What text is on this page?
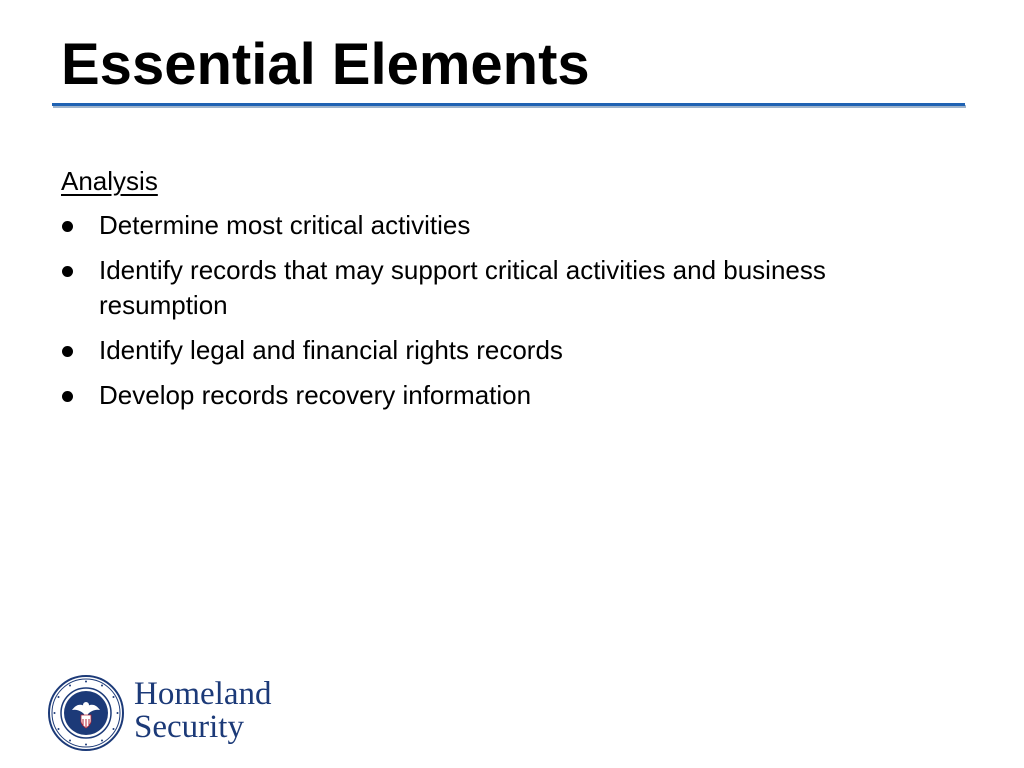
Essential Elements

Analysis

Determine most critical activities
Identify records that may support critical activities and business resumption
Identify legal and financial rights records
Develop records recovery information
Homeland
Security
